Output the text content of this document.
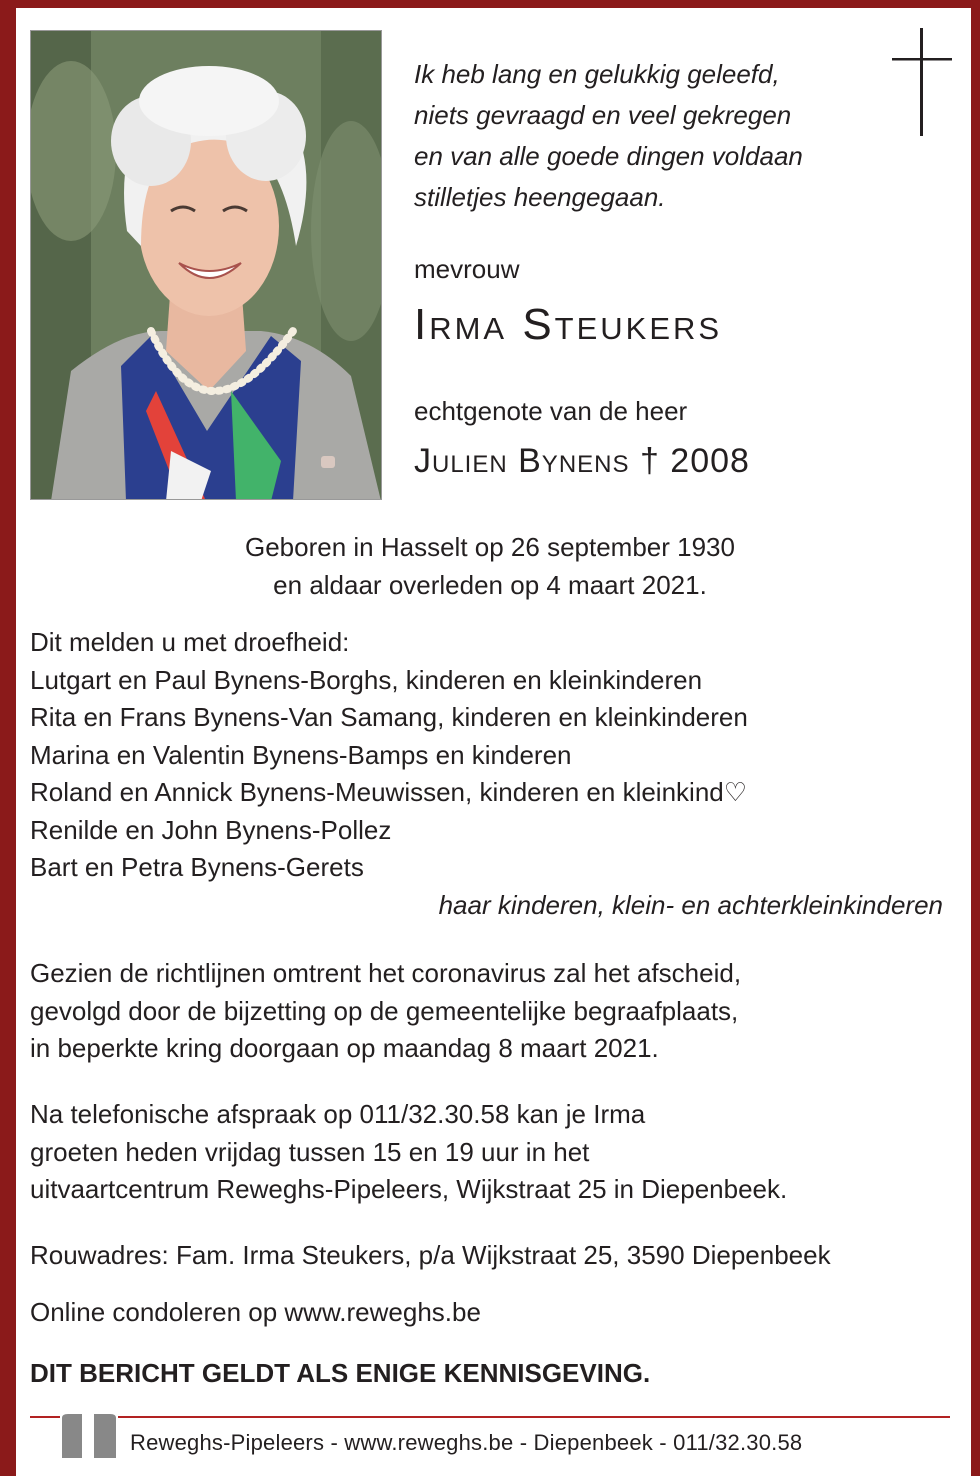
Ik heb lang en gelukkig geleefd,
niets gevraagd en veel gekregen
en van alle goede dingen voldaan
stilletjes heengegaan.
mevrouw
Irma Steukers
echtgenote van de heer
Julien Bynens † 2008
Geboren in Hasselt op 26 september 1930
en aldaar overleden op 4 maart 2021.
Dit melden u met droefheid:
Lutgart en Paul Bynens-Borghs, kinderen en kleinkinderen
Rita en Frans Bynens-Van Samang, kinderen en kleinkinderen
Marina en Valentin Bynens-Bamps en kinderen
Roland en Annick Bynens-Meuwissen, kinderen en kleinkind♡
Renilde en John Bynens-Pollez
Bart en Petra Bynens-Gerets
haar kinderen, klein- en achterkleinkinderen
Gezien de richtlijnen omtrent het coronavirus zal het afscheid,
gevolgd door de bijzetting op de gemeentelijke begraafplaats,
in beperkte kring doorgaan op maandag 8 maart 2021.
Na telefonische afspraak op 011/32.30.58 kan je Irma
groeten heden vrijdag tussen 15 en 19 uur in het
uitvaartcentrum Reweghs-Pipeleers, Wijkstraat 25 in Diepenbeek.
Rouwadres: Fam. Irma Steukers, p/a Wijkstraat 25, 3590 Diepenbeek
Online condoleren op www.reweghs.be
DIT BERICHT GELDT ALS ENIGE KENNISGEVING.
Reweghs-Pipeleers - www.reweghs.be - Diepenbeek - 011/32.30.58
